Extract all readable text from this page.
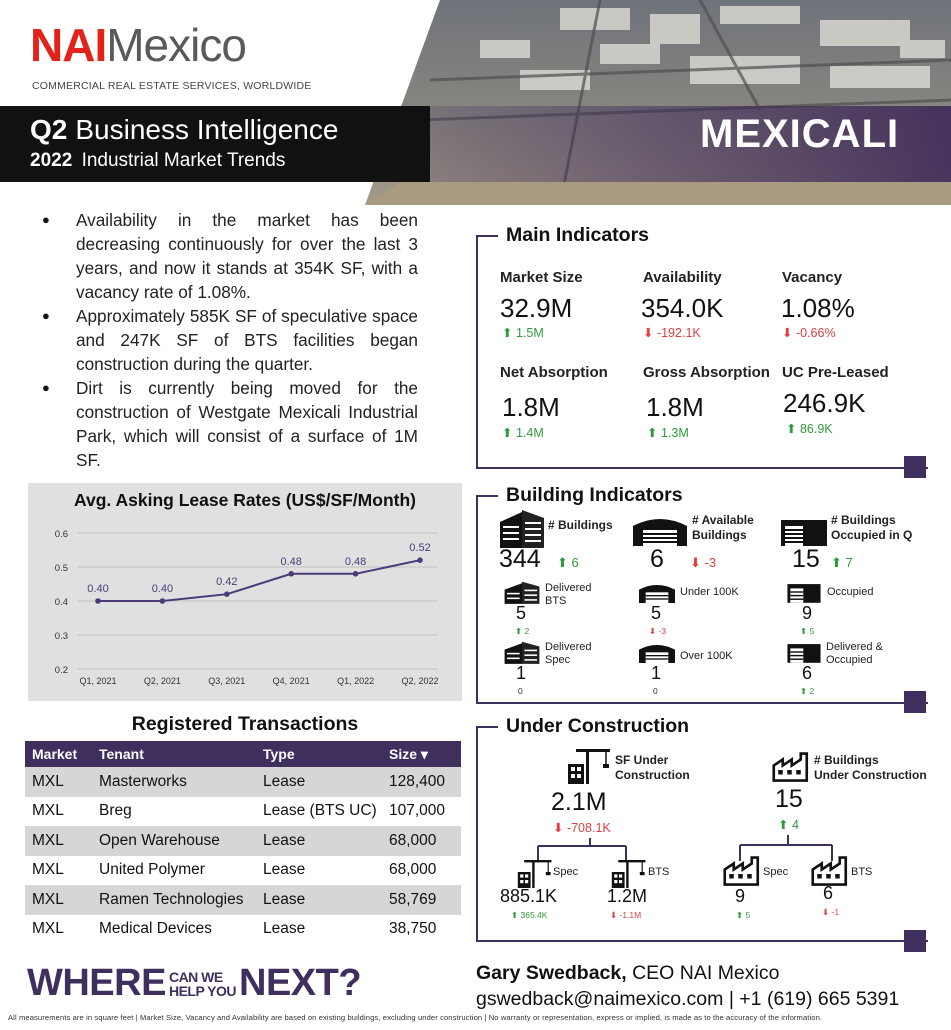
NAIMexico
COMMERCIAL REAL ESTATE SERVICES, WORLDWIDE
Q2 Business Intelligence
2022 Industrial Market Trends
MEXICALI
● Availability in the market has been decreasing continuously for over the last 3 years, and now it stands at 354K SF, with a vacancy rate of 1.08%.
● Approximately 585K SF of speculative space and 247K SF of BTS facilities began construction during the quarter.
● Dirt is currently being moved for the construction of Westgate Mexicali Industrial Park, which will consist of a surface of 1M SF.
Avg. Asking Lease Rates (US$/SF/Month)
0.6
0.5
0.4
0.3
0.2
0.40
Q1, 2021
0.40
Q2, 2021
0.42
Q3, 2021
0.48
Q4, 2021
0.48
Q1, 2022
0.52
Q2, 2022
Registered Transactions
Market	Tenant	Type	Size ▾
MXL	Masterworks	Lease	128,400
MXL	Breg	Lease (BTS UC)	107,000
MXL	Open Warehouse	Lease	68,000
MXL	United Polymer	Lease	68,000
MXL	Ramen Technologies	Lease	58,769
MXL	Medical Devices	Lease	38,750
WHERE CAN WE
HELP YOU NEXT?
All measurements are in square feet | Market Size, Vacancy and Availability are based on existing buildings, excluding under construction | No warranty or representation, express or implied, is made as to the accuracy of the information.
Main Indicators
Market Size
32.9M
⬆ 1.5M
Availability
354.0K
⬇ -192.1K
Vacancy
1.08%
⬇ -0.66%
Net Absorption
1.8M
⬆ 1.4M
Gross Absorption
1.8M
⬆ 1.3M
UC Pre-Leased
246.9K
⬆ 86.9K
Building Indicators
# Buildings
344 ⬆ 6
# Available
Buildings
6 ⬇ -3
# Buildings
Occupied in Q
15 ⬆ 7
Delivered
BTS
5
⬆ 2
Delivered
Spec
1
0
Under 100K
5
⬇ -3
Over 100K
1
0
Occupied
9
⬆ 5
Delivered &
Occupied
6
⬆ 2
Under Construction
SF Under
Construction
2.1M
⬇ -708.1K
Spec
885.1K
⬆ 365.4K
BTS
1.2M
⬇ -1.1M
# Buildings
Under Construction
15
⬆ 4
Spec
9
⬆ 5
BTS
6
⬇ -1
Gary Swedback, CEO NAI Mexico
gswedback@naimexico.com | +1 (619) 665 5391
